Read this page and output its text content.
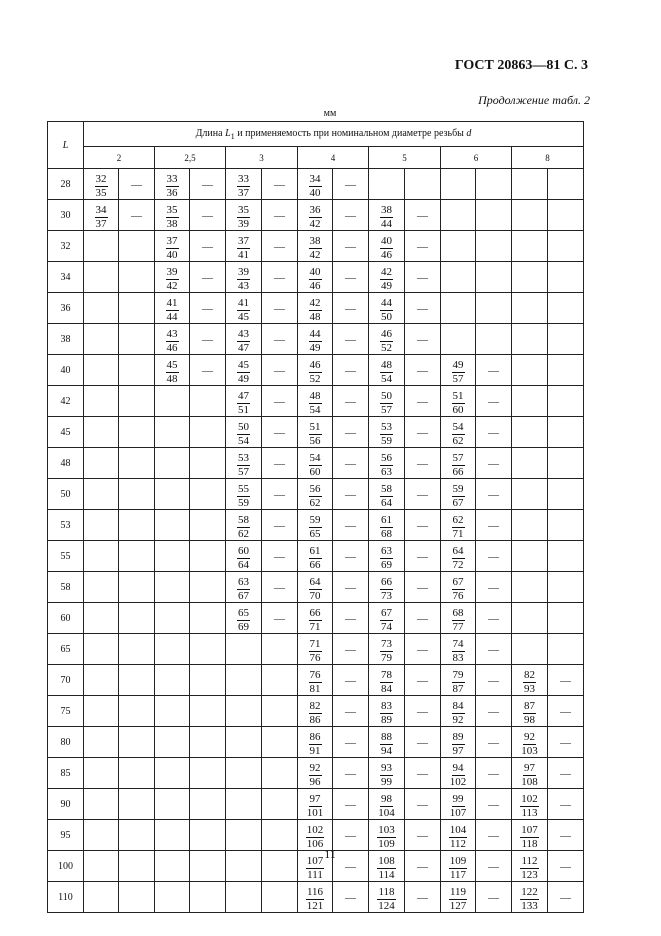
ГОСТ 20863—81 С. 3
Продолжение табл. 2
мм
L	Длина $L_1$ и применяемость при номинальном диаметре резьбы d													
	2		2,5		3		4		5		6		8	
28	$\frac{32}{35}$	—	$\frac{33}{36}$	—	$\frac{33}{37}$	—	$\frac{34}{40}$	—						
30	$\frac{34}{37}$	—	$\frac{35}{38}$	—	$\frac{35}{39}$	—	$\frac{36}{42}$	—	$\frac{38}{44}$	—				
32			$\frac{37}{40}$	—	$\frac{37}{41}$	—	$\frac{38}{42}$	—	$\frac{40}{46}$	—				
34			$\frac{39}{42}$	—	$\frac{39}{43}$	—	$\frac{40}{46}$	—	$\frac{42}{49}$	—				
36			$\frac{41}{44}$	—	$\frac{41}{45}$	—	$\frac{42}{48}$	—	$\frac{44}{50}$	—				
38			$\frac{43}{46}$	—	$\frac{43}{47}$	—	$\frac{44}{49}$	—	$\frac{46}{52}$	—				
40			$\frac{45}{48}$	—	$\frac{45}{49}$	—	$\frac{46}{52}$	—	$\frac{48}{54}$	—	$\frac{49}{57}$	—		
42					$\frac{47}{51}$	—	$\frac{48}{54}$	—	$\frac{50}{57}$	—	$\frac{51}{60}$	—		
45					$\frac{50}{54}$	—	$\frac{51}{56}$	—	$\frac{53}{59}$	—	$\frac{54}{62}$	—		
48					$\frac{53}{57}$	—	$\frac{54}{60}$	—	$\frac{56}{63}$	—	$\frac{57}{66}$	—		
50					$\frac{55}{59}$	—	$\frac{56}{62}$	—	$\frac{58}{64}$	—	$\frac{59}{67}$	—		
53					$\frac{58}{62}$	—	$\frac{59}{65}$	—	$\frac{61}{68}$	—	$\frac{62}{71}$	—		
55					$\frac{60}{64}$	—	$\frac{61}{66}$	—	$\frac{63}{69}$	—	$\frac{64}{72}$	—		
58					$\frac{63}{67}$	—	$\frac{64}{70}$	—	$\frac{66}{73}$	—	$\frac{67}{76}$	—		
60					$\frac{65}{69}$	—	$\frac{66}{71}$	—	$\frac{67}{74}$	—	$\frac{68}{77}$	—		
65							$\frac{71}{76}$	—	$\frac{73}{79}$	—	$\frac{74}{83}$	—		
70							$\frac{76}{81}$	—	$\frac{78}{84}$	—	$\frac{79}{87}$	—	$\frac{82}{93}$	—
75							$\frac{82}{86}$	—	$\frac{83}{89}$	—	$\frac{84}{92}$	—	$\frac{87}{98}$	—
80							$\frac{86}{91}$	—	$\frac{88}{94}$	—	$\frac{89}{97}$	—	$\frac{92}{103}$	—
85							$\frac{92}{96}$	—	$\frac{93}{99}$	—	$\frac{94}{102}$	—	$\frac{97}{108}$	—
90							$\frac{97}{101}$	—	$\frac{98}{104}$	—	$\frac{99}{107}$	—	$\frac{102}{113}$	—
95							$\frac{102}{106}$	—	$\frac{103}{109}$	—	$\frac{104}{112}$	—	$\frac{107}{118}$	—
100							$\frac{107}{111}$	—	$\frac{108}{114}$	—	$\frac{109}{117}$	—	$\frac{112}{123}$	—
110							$\frac{116}{121}$	—	$\frac{118}{124}$	—	$\frac{119}{127}$	—	$\frac{122}{133}$	—
11
